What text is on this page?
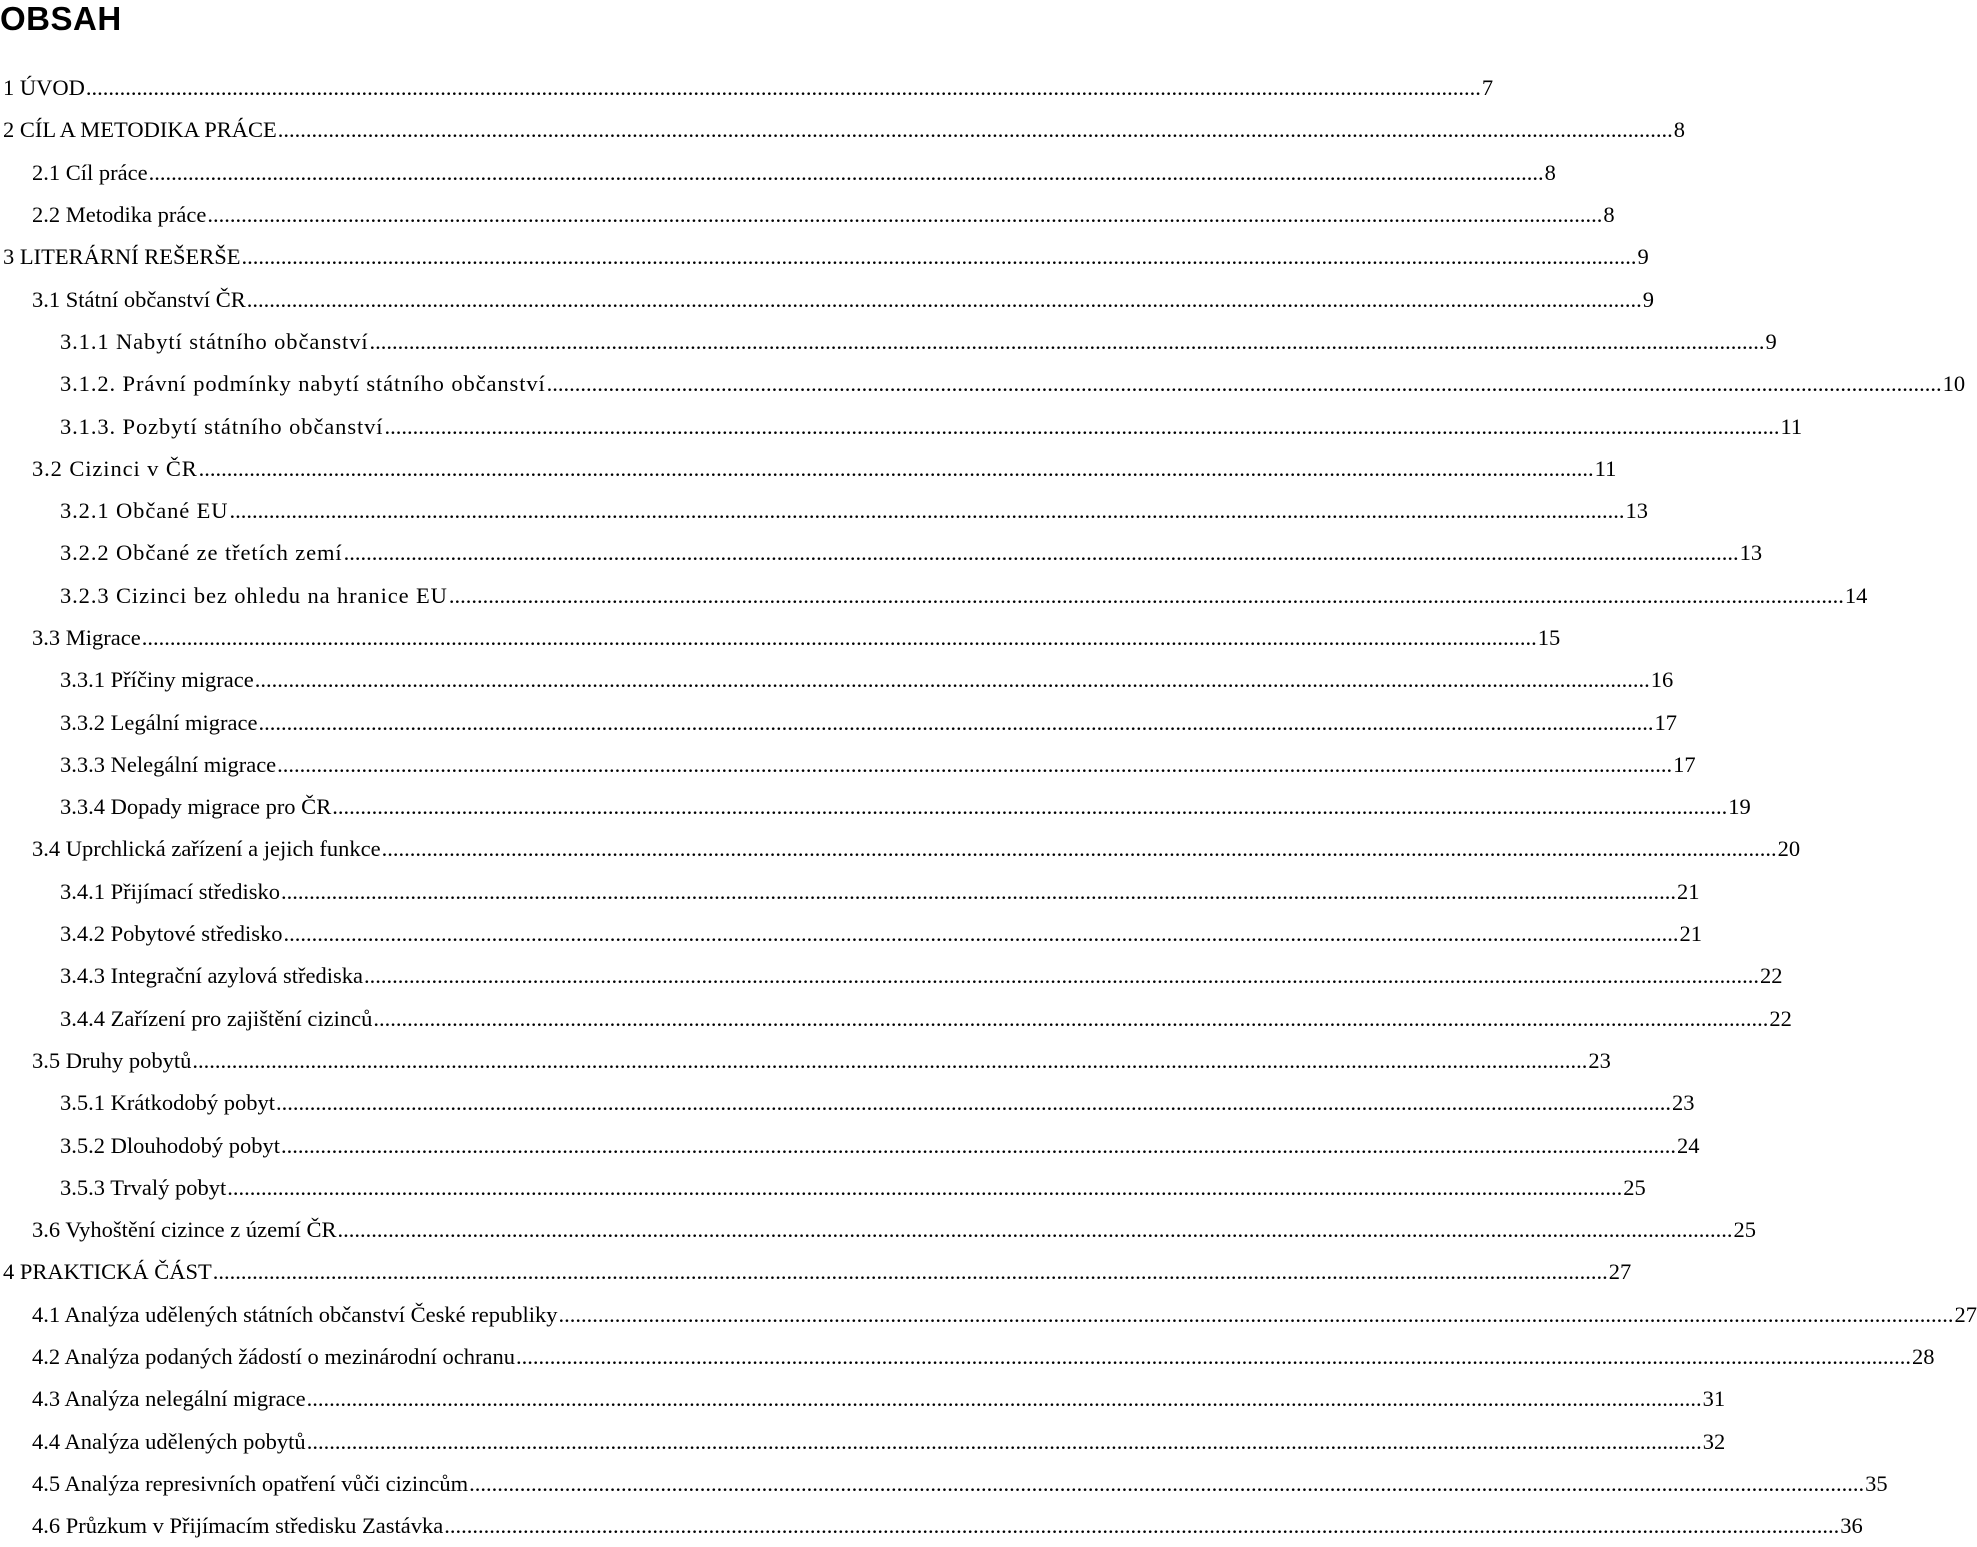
OBSAH
1 ÚVOD .....	7
2 CÍL A METODIKA PRÁCE .....	8
2.1 Cíl práce .....	8
2.2 Metodika práce .....	8
3 LITERÁRNÍ REŠERŠE .....	9
3.1 Státní občanství ČR .....	9
3.1.1 Nabytí státního občanství .....	9
3.1.2. Právní podmínky nabytí státního občanství .....	10
3.1.3. Pozbytí státního občanství .....	11
3.2 Cizinci v ČR .....	11
3.2.1 Občané EU .....	13
3.2.2 Občané ze třetích zemí .....	13
3.2.3 Cizinci bez ohledu na hranice EU .....	14
3.3 Migrace .....	15
3.3.1 Příčiny migrace .....	16
3.3.2 Legální migrace .....	17
3.3.3 Nelegální migrace .....	17
3.3.4 Dopady migrace pro ČR .....	19
3.4 Uprchlická zařízení a jejich funkce .....	20
3.4.1 Přijímací středisko .....	21
3.4.2 Pobytové středisko .....	21
3.4.3 Integrační azylová střediska .....	22
3.4.4 Zařízení pro zajištění cizinců .....	22
3.5 Druhy pobytů .....	23
3.5.1 Krátkodobý pobyt .....	23
3.5.2 Dlouhodobý pobyt .....	24
3.5.3 Trvalý pobyt .....	25
3.6 Vyhoštění cizince z území ČR .....	25
4 PRAKTICKÁ ČÁST .....	27
4.1 Analýza udělených státních občanství České republiky .....	27
4.2 Analýza podaných žádostí o mezinárodní ochranu .....	28
4.3 Analýza nelegální migrace .....	31
4.4 Analýza udělených pobytů .....	32
4.5 Analýza represivních opatření vůči cizincům .....	35
4.6 Průzkum v Přijímacím středisku Zastávka .....	36
